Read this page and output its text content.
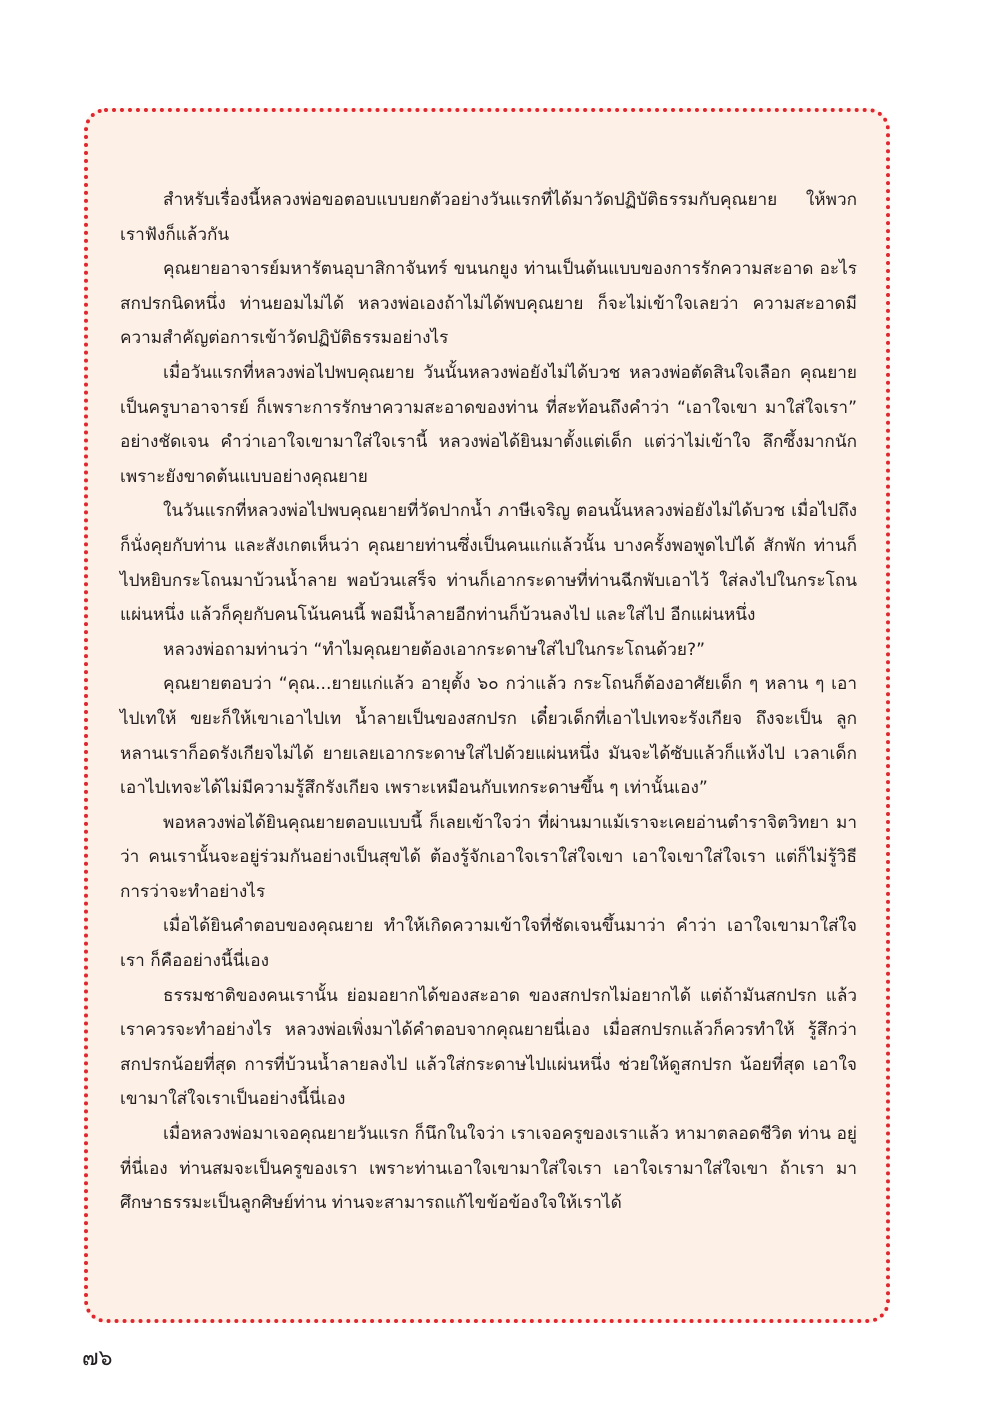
สำหรับเรื่องนี้หลวงพ่อขอตอบแบบยกตัวอย่างวันแรกที่ได้มาวัดปฏิบัติธรรมกับคุณยาย ให้พวกเราฟังก็แล้วกัน

คุณยายอาจารย์มหารัตนอุบาสิกาจันทร์ ขนนกยูง ท่านเป็นต้นแบบของการรักความสะอาด อะไรสกปรกนิดหนึ่ง ท่านยอมไม่ได้ หลวงพ่อเองถ้าไม่ได้พบคุณยาย ก็จะไม่เข้าใจเลยว่า ความสะอาดมีความสำคัญต่อการเข้าวัดปฏิบัติธรรมอย่างไร

เมื่อวันแรกที่หลวงพ่อไปพบคุณยาย วันนั้นหลวงพ่อยังไม่ได้บวช หลวงพ่อตัดสินใจเลือก คุณยายเป็นครูบาอาจารย์ ก็เพราะการรักษาความสะอาดของท่าน ที่สะท้อนถึงคำว่า “เอาใจเขา มาใส่ใจเรา” อย่างชัดเจน คำว่าเอาใจเขามาใส่ใจเรานี้ หลวงพ่อได้ยินมาตั้งแต่เด็ก แต่ว่าไม่เข้าใจ ลึกซึ้งมากนัก เพราะยังขาดต้นแบบอย่างคุณยาย

ในวันแรกที่หลวงพ่อไปพบคุณยายที่วัดปากน้ำ ภาษีเจริญ ตอนนั้นหลวงพ่อยังไม่ได้บวช เมื่อไปถึงก็นั่งคุยกับท่าน และสังเกตเห็นว่า คุณยายท่านซึ่งเป็นคนแก่แล้วนั้น บางครั้งพอพูดไปได้ สักพัก ท่านก็ไปหยิบกระโถนมาบ้วนน้ำลาย พอบ้วนเสร็จ ท่านก็เอากระดาษที่ท่านฉีกพับเอาไว้ ใส่ลงไปในกระโถนแผ่นหนึ่ง แล้วก็คุยกับคนโน้นคนนี้ พอมีน้ำลายอีกท่านก็บ้วนลงไป และใส่ไป อีกแผ่นหนึ่ง

หลวงพ่อถามท่านว่า “ทำไมคุณยายต้องเอากระดาษใส่ไปในกระโถนด้วย?”

คุณยายตอบว่า “คุณ...ยายแก่แล้ว อายุตั้ง ๖๐ กว่าแล้ว กระโถนก็ต้องอาศัยเด็ก ๆ หลาน ๆ เอาไปเทให้ ขยะก็ให้เขาเอาไปเท น้ำลายเป็นของสกปรก เดี๋ยวเด็กที่เอาไปเทจะรังเกียจ ถึงจะเป็น ลูกหลานเราก็อดรังเกียจไม่ได้ ยายเลยเอากระดาษใส่ไปด้วยแผ่นหนึ่ง มันจะได้ซับแล้วก็แห้งไป เวลาเด็กเอาไปเทจะได้ไม่มีความรู้สึกรังเกียจ เพราะเหมือนกับเทกระดาษขึ้น ๆ เท่านั้นเอง”

พอหลวงพ่อได้ยินคุณยายตอบแบบนี้ ก็เลยเข้าใจว่า ที่ผ่านมาแม้เราจะเคยอ่านตำราจิตวิทยา มาว่า คนเรานั้นจะอยู่ร่วมกันอย่างเป็นสุขได้ ต้องรู้จักเอาใจเราใส่ใจเขา เอาใจเขาใส่ใจเรา แต่ก็ไม่รู้วิธีการว่าจะทำอย่างไร

เมื่อได้ยินคำตอบของคุณยาย ทำให้เกิดความเข้าใจที่ชัดเจนขึ้นมาว่า คำว่า เอาใจเขามาใส่ใจ เรา ก็คืออย่างนี้นี่เอง

ธรรมชาติของคนเรานั้น ย่อมอยากได้ของสะอาด ของสกปรกไม่อยากได้ แต่ถ้ามันสกปรก แล้ว เราควรจะทำอย่างไร หลวงพ่อเพิ่งมาได้คำตอบจากคุณยายนี่เอง เมื่อสกปรกแล้วก็ควรทำให้ รู้สึกว่าสกปรกน้อยที่สุด การที่บ้วนน้ำลายลงไป แล้วใส่กระดาษไปแผ่นหนึ่ง ช่วยให้ดูสกปรก น้อยที่สุด เอาใจเขามาใส่ใจเราเป็นอย่างนี้นี่เอง

เมื่อหลวงพ่อมาเจอคุณยายวันแรก ก็นึกในใจว่า เราเจอครูของเราแล้ว หามาตลอดชีวิต ท่าน อยู่ที่นี่เอง ท่านสมจะเป็นครูของเรา เพราะท่านเอาใจเขามาใส่ใจเรา เอาใจเรามาใส่ใจเขา ถ้าเรา มาศึกษาธรรมะเป็นลูกศิษย์ท่าน ท่านจะสามารถแก้ไขข้อข้องใจให้เราได้

๗๖
